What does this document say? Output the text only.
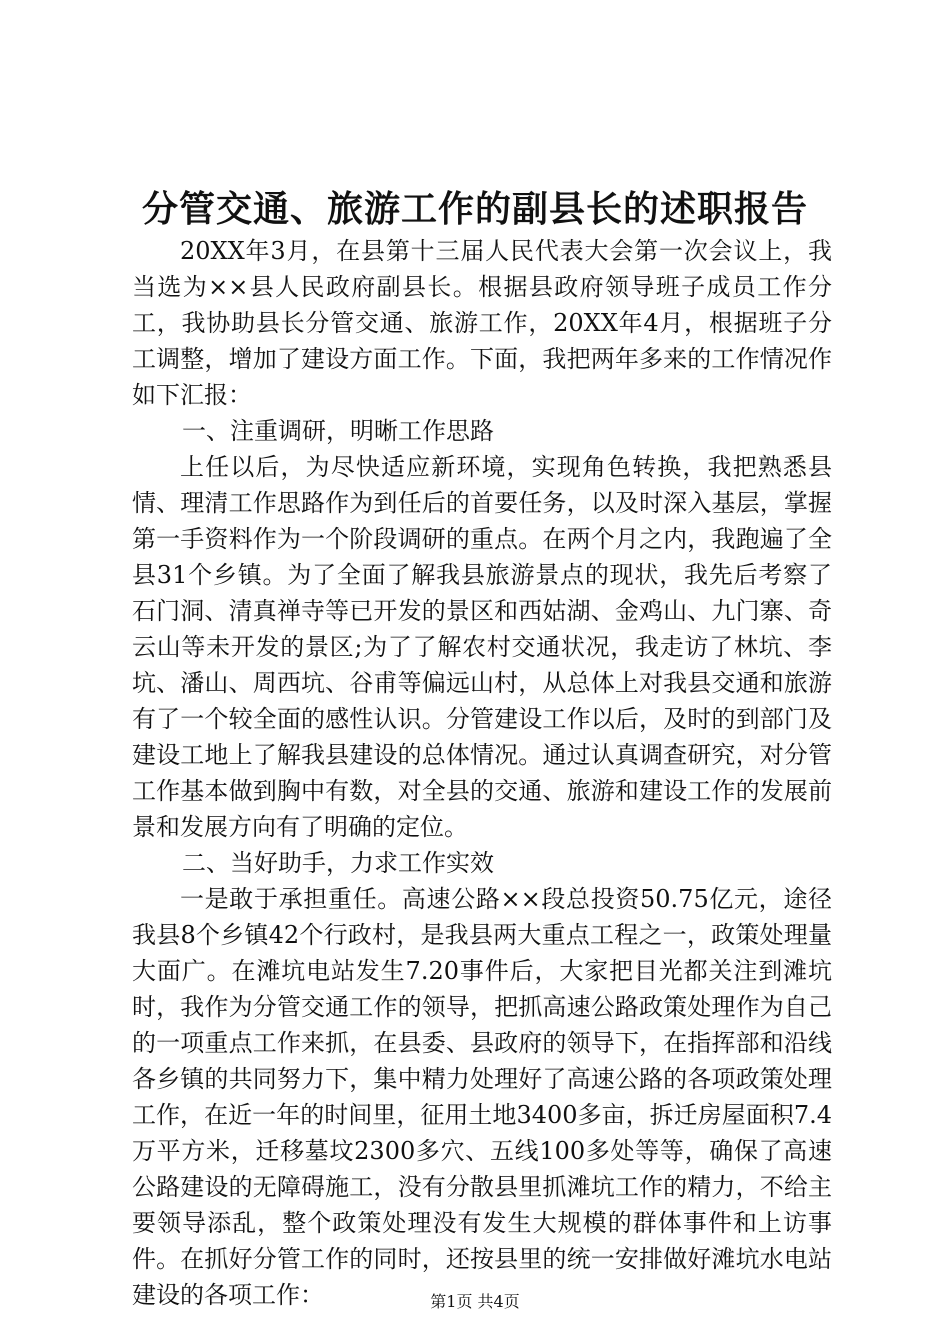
分管交通、旅游工作的副县长的述职报告

20XX年3月，在县第十三届人民代表大会第一次会议上，我当选为××县人民政府副县长。根据县政府领导班子成员工作分工，我协助县长分管交通、旅游工作，20XX年4月，根据班子分工调整，增加了建设方面工作。下面，我把两年多来的工作情况作如下汇报：

一、注重调研，明晰工作思路

上任以后，为尽快适应新环境，实现角色转换，我把熟悉县情、理清工作思路作为到任后的首要任务，以及时深入基层，掌握第一手资料作为一个阶段调研的重点。在两个月之内，我跑遍了全县31个乡镇。为了全面了解我县旅游景点的现状，我先后考察了石门洞、清真禅寺等已开发的景区和西姑湖、金鸡山、九门寨、奇云山等未开发的景区;为了了解农村交通状况，我走访了林坑、李坑、潘山、周西坑、谷甫等偏远山村，从总体上对我县交通和旅游有了一个较全面的感性认识。分管建设工作以后，及时的到部门及建设工地上了解我县建设的总体情况。通过认真调查研究，对分管工作基本做到胸中有数，对全县的交通、旅游和建设工作的发展前景和发展方向有了明确的定位。

二、当好助手，力求工作实效

一是敢于承担重任。高速公路××段总投资50.75亿元，途径我县8个乡镇42个行政村，是我县两大重点工程之一，政策处理量大面广。在滩坑电站发生7.20事件后，大家把目光都关注到滩坑时，我作为分管交通工作的领导，把抓高速公路政策处理作为自己的一项重点工作来抓，在县委、县政府的领导下，在指挥部和沿线各乡镇的共同努力下，集中精力处理好了高速公路的各项政策处理工作，在近一年的时间里，征用土地3400多亩，拆迁房屋面积7.4万平方米，迁移墓坟2300多穴、五线100多处等等，确保了高速公路建设的无障碍施工，没有分散县里抓滩坑工作的精力，不给主要领导添乱，整个政策处理没有发生大规模的群体事件和上访事件。在抓好分管工作的同时，还按县里的统一安排做好滩坑水电站建设的各项工作：	第1页 共4页
